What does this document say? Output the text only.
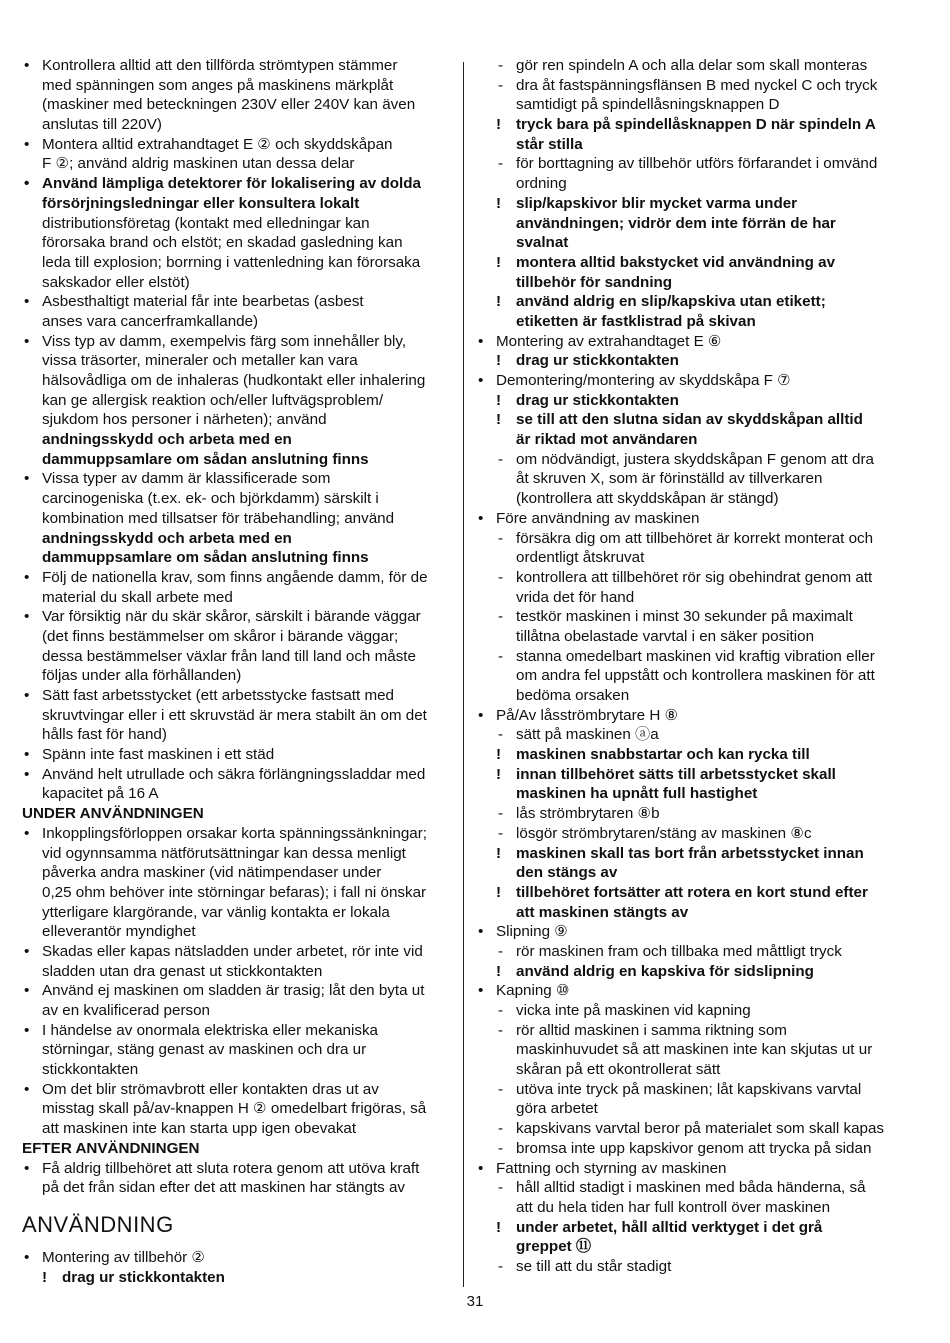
• Kontrollera alltid att den tillförda strömtypen stämmer
med spänningen som anges på maskinens märkplåt
(maskiner med beteckningen 230V eller 240V kan även
anslutas till 220V)
• Montera alltid extrahandtaget E ② och skyddskåpan
F ②; använd aldrig maskinen utan dessa delar
• Använd lämpliga detektorer för lokalisering av dolda
försörjningsledningar eller konsultera lokalt
distributionsföretag (kontakt med elledningar kan
förorsaka brand och elstöt; en skadad gasledning kan
leda till explosion; borrning i vattenledning kan förorsaka
sakskador eller elstöt)
• Asbesthaltigt material får inte bearbetas (asbest
anses vara cancerframkallande)
• Viss typ av damm, exempelvis färg som innehåller bly,
vissa träsorter, mineraler och metaller kan vara
hälsovådliga om de inhaleras (hudkontakt eller inhalering
kan ge allergisk reaktion och/eller luftvägsproblem/
sjukdom hos personer i närheten); använd
andningsskydd och arbeta med en
dammuppsamlare om sådan anslutning finns
• Vissa typer av damm är klassificerade som
carcinogeniska (t.ex. ek- och björkdamm) särskilt i
kombination med tillsatser för träbehandling; använd
andningsskydd och arbeta med en
dammuppsamlare om sådan anslutning finns
• Följ de nationella krav, som finns angående damm, för de
material du skall arbete med
• Var försiktig när du skär skåror, särskilt i bärande väggar
(det finns bestämmelser om skåror i bärande väggar;
dessa bestämmelser växlar från land till land och måste
följas under alla förhållanden)
• Sätt fast arbetsstycket (ett arbetsstycke fastsatt med
skruvtvingar eller i ett skruvstäd är mera stabilt än om det
hålls fast för hand)
• Spänn inte fast maskinen i ett städ
• Använd helt utrullade och säkra förlängningssladdar med
kapacitet på 16 A
UNDER ANVÄNDNINGEN
• Inkopplingsförloppen orsakar korta spänningssänkningar;
vid ogynnsamma nätförutsättningar kan dessa menligt
påverka andra maskiner (vid nätimpendaser under
0,25 ohm behöver inte störningar befaras); i fall ni önskar
ytterligare klargörande, var vänlig kontakta er lokala
elleverantör myndighet
• Skadas eller kapas nätsladden under arbetet, rör inte vid
sladden utan dra genast ut stickkontakten
• Använd ej maskinen om sladden är trasig; låt den byta ut
av en kvalificerad person
• I händelse av onormala elektriska eller mekaniska
störningar, stäng genast av maskinen och dra ur
stickkontakten
• Om det blir strömavbrott eller kontakten dras ut av
misstag skall på/av-knappen H ② omedelbart frigöras, så
att maskinen inte kan starta upp igen obevakat
EFTER ANVÄNDNINGEN
• Få aldrig tillbehöret att sluta rotera genom att utöva kraft
på det från sidan efter det att maskinen har stängts av
ANVÄNDNING
• Montering av tillbehör ②
! drag ur stickkontakten
- gör ren spindeln A och alla delar som skall monteras
- dra åt fastspänningsflänsen B med nyckel C och tryck
samtidigt på spindellåsningsknappen D
! tryck bara på spindellåsknappen D när spindeln A
står stilla
- för borttagning av tillbehör utförs förfarandet i omvänd
ordning
! slip/kapskivor blir mycket varma under
användningen; vidrör dem inte förrän de har
svalnat
! montera alltid bakstycket vid användning av
tillbehör för sandning
! använd aldrig en slip/kapskiva utan etikett;
etiketten är fastklistrad på skivan
• Montering av extrahandtaget E ⑥
! drag ur stickkontakten
• Demontering/montering av skyddskåpa F ⑦
! drag ur stickkontakten
! se till att den slutna sidan av skyddskåpan alltid
är riktad mot användaren
- om nödvändigt, justera skyddskåpan F genom att dra
åt skruven X, som är förinställd av tillverkaren
(kontrollera att skyddskåpan är stängd)
• Före användning av maskinen
- försäkra dig om att tillbehöret är korrekt monterat och
ordentligt åtskruvat
- kontrollera att tillbehöret rör sig obehindrat genom att
vrida det för hand
- testkör maskinen i minst 30 sekunder på maximalt
tillåtna obelastade varvtal i en säker position
- stanna omedelbart maskinen vid kraftig vibration eller
om andra fel uppstått och kontrollera maskinen för att
bedöma orsaken
• På/Av låsströmbrytare H ⑧
- sätt på maskinen ⓐa
! maskinen snabbstartar och kan rycka till
! innan tillbehöret sätts till arbetsstycket skall
maskinen ha upnått full hastighet
- lås strömbrytaren ⑧b
- lösgör strömbrytaren/stäng av maskinen ⑧c
! maskinen skall tas bort från arbetsstycket innan
den stängs av
! tillbehöret fortsätter att rotera en kort stund efter
att maskinen stängts av
• Slipning ⑨
- rör maskinen fram och tillbaka med måttligt tryck
! använd aldrig en kapskiva för sidslipning
• Kapning ⑩
- vicka inte på maskinen vid kapning
- rör alltid maskinen i samma riktning som
maskinhuvudet så att maskinen inte kan skjutas ut ur
skåran på ett okontrollerat sätt
- utöva inte tryck på maskinen; låt kapskivans varvtal
göra arbetet
- kapskivans varvtal beror på materialet som skall kapas
- bromsa inte upp kapskivor genom att trycka på sidan
• Fattning och styrning av maskinen
- håll alltid stadigt i maskinen med båda händerna, så
att du hela tiden har full kontroll över maskinen
! under arbetet, håll alltid verktyget i det grå
greppet ⑪
- se till att du står stadigt
31
